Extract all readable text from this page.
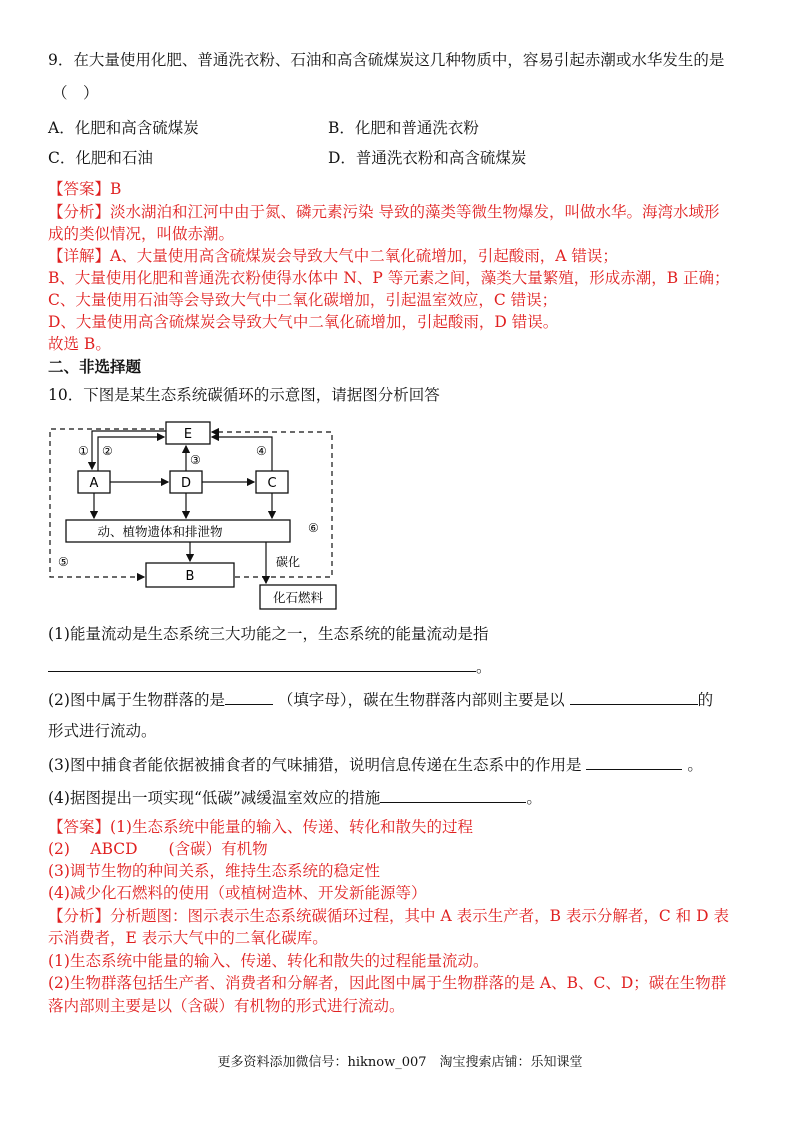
9．在大量使用化肥、普通洗衣粉、石油和高含硫煤炭这几种物质中，容易引起赤潮或水华发生的是
（　）
A．化肥和高含硫煤炭	B．化肥和普通洗衣粉
C．化肥和石油	D．普通洗衣粉和高含硫煤炭
【答案】B
【分析】淡水湖泊和江河中由于氮、磷元素污染 导致的藻类等微生物爆发，叫做水华。海湾水域形
成的类似情况，叫做赤潮。
【详解】A、大量使用高含硫煤炭会导致大气中二氧化硫增加，引起酸雨，A 错误；
B、大量使用化肥和普通洗衣粉使得水体中 N、P 等元素之间，藻类大量繁殖，形成赤潮，B 正确；
C、大量使用石油等会导致大气中二氧化碳增加，引起温室效应，C 错误；
D、大量使用高含硫煤炭会导致大气中二氧化硫增加，引起酸雨，D 错误。
故选 B。
二、非选择题
10．下图是某生态系统碳循环的示意图，请据图分析回答
E
A	D	C
动、植物遗体和排泄物
B
化石燃料
碳化
① ②
③
④
⑤
⑥
(1)能量流动是生态系统三大功能之一，生态系统的能量流动是指
。
(2)图中属于生物群落的是	（填字母），碳在生物群落内部则主要是以	的
形式进行流动。
(3)图中捕食者能依据被捕食者的气味捕猎，说明信息传递在生态系中的作用是	。
(4)据图提出一项实现“低碳”减缓温室效应的措施	。
【答案】(1)生态系统中能量的输入、传递、转化和散失的过程
(2)　 ABCD　　(含碳）有机物
(3)调节生物的种间关系，维持生态系统的稳定性
(4)减少化石燃料的使用（或植树造林、开发新能源等）
【分析】分析题图：图示表示生态系统碳循环过程，其中 A 表示生产者，B 表示分解者，C 和 D 表
示消费者，E 表示大气中的二氧化碳库。
(1)生态系统中能量的输入、传递、转化和散失的过程能量流动。
(2)生物群落包括生产者、消费者和分解者，因此图中属于生物群落的是 A、B、C、D；碳在生物群
落内部则主要是以（含碳）有机物的形式进行流动。
更多资料添加微信号：hiknow_007　淘宝搜索店铺：乐知课堂
